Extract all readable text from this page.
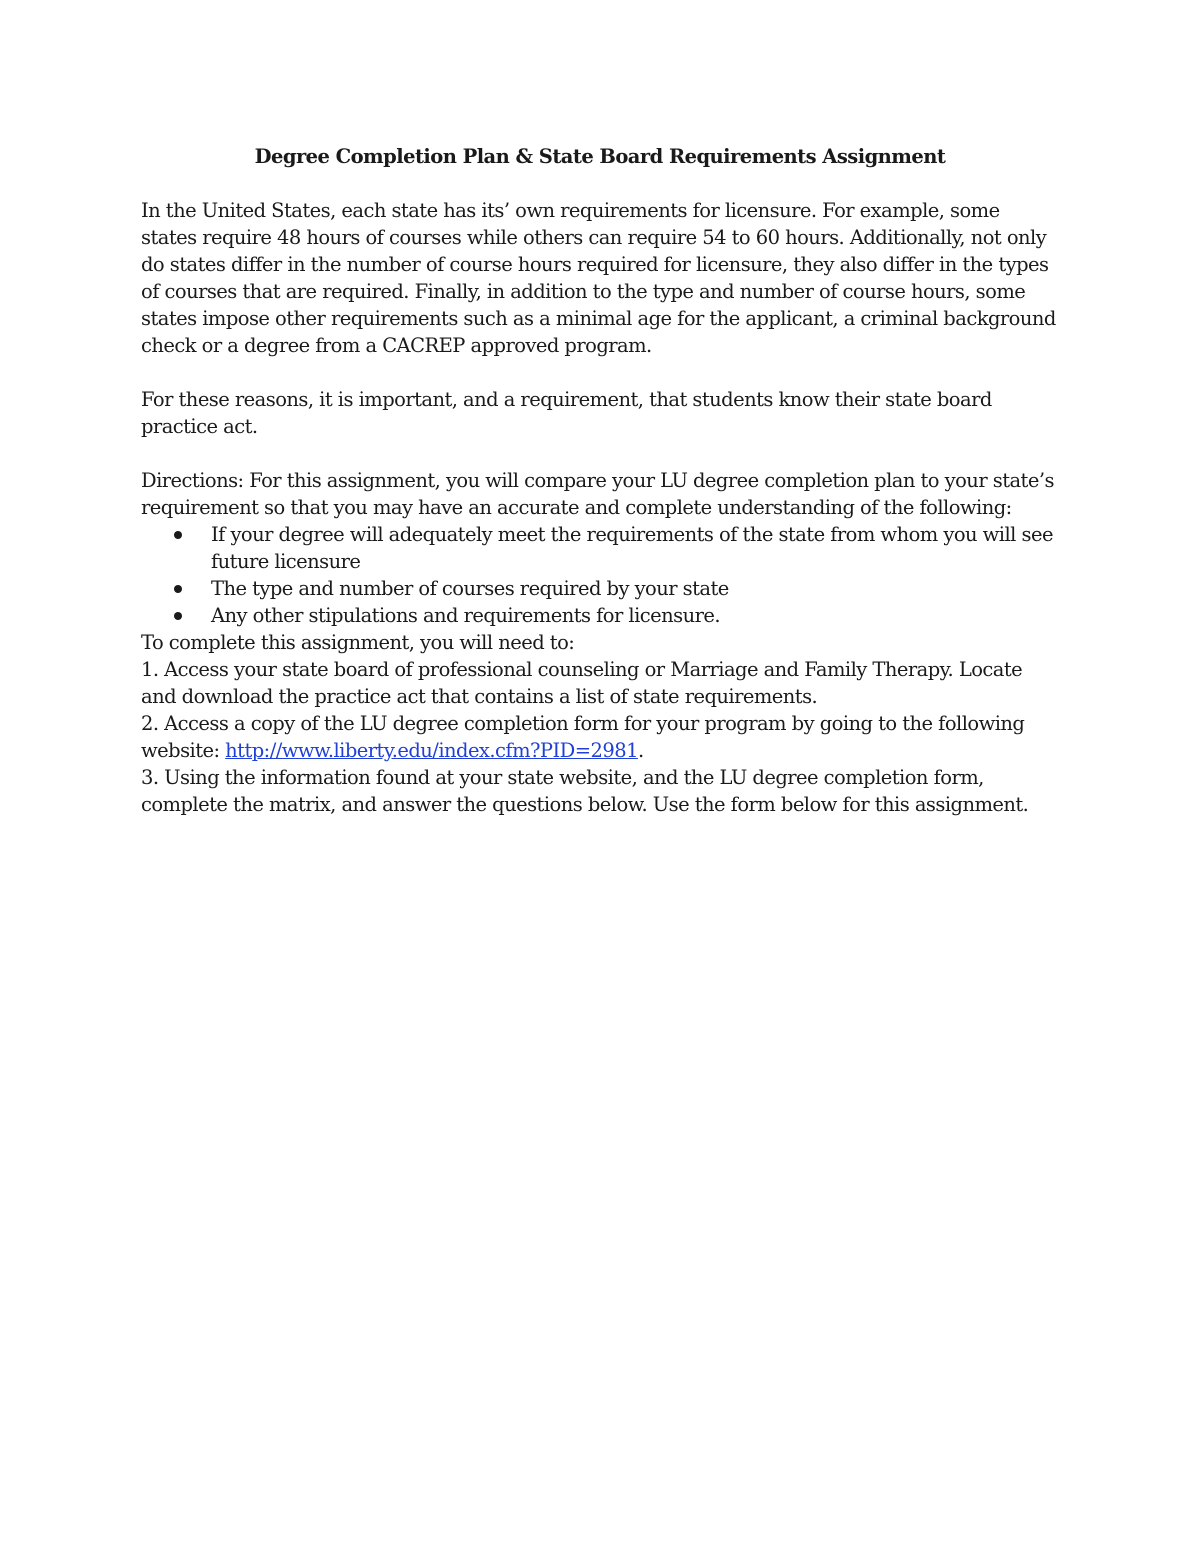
Degree Completion Plan & State Board Requirements Assignment

In the United States, each state has its’ own requirements for licensure. For example, some states require 48 hours of courses while others can require 54 to 60 hours. Additionally, not only do states differ in the number of course hours required for licensure, they also differ in the types of courses that are required. Finally, in addition to the type and number of course hours, some states impose other requirements such as a minimal age for the applicant, a criminal background check or a degree from a CACREP approved program.

For these reasons, it is important, and a requirement, that students know their state board practice act.

Directions: For this assignment, you will compare your LU degree completion plan to your state’s requirement so that you may have an accurate and complete understanding of the following:

If your degree will adequately meet the requirements of the state from whom you will see future licensure
The type and number of courses required by your state
Any other stipulations and requirements for licensure.

To complete this assignment, you will need to:

1. Access your state board of professional counseling or Marriage and Family Therapy. Locate and download the practice act that contains a list of state requirements.

2. Access a copy of the LU degree completion form for your program by going to the following website: http://www.liberty.edu/index.cfm?PID=2981.

3. Using the information found at your state website, and the LU degree completion form, complete the matrix, and answer the questions below. Use the form below for this assignment.
